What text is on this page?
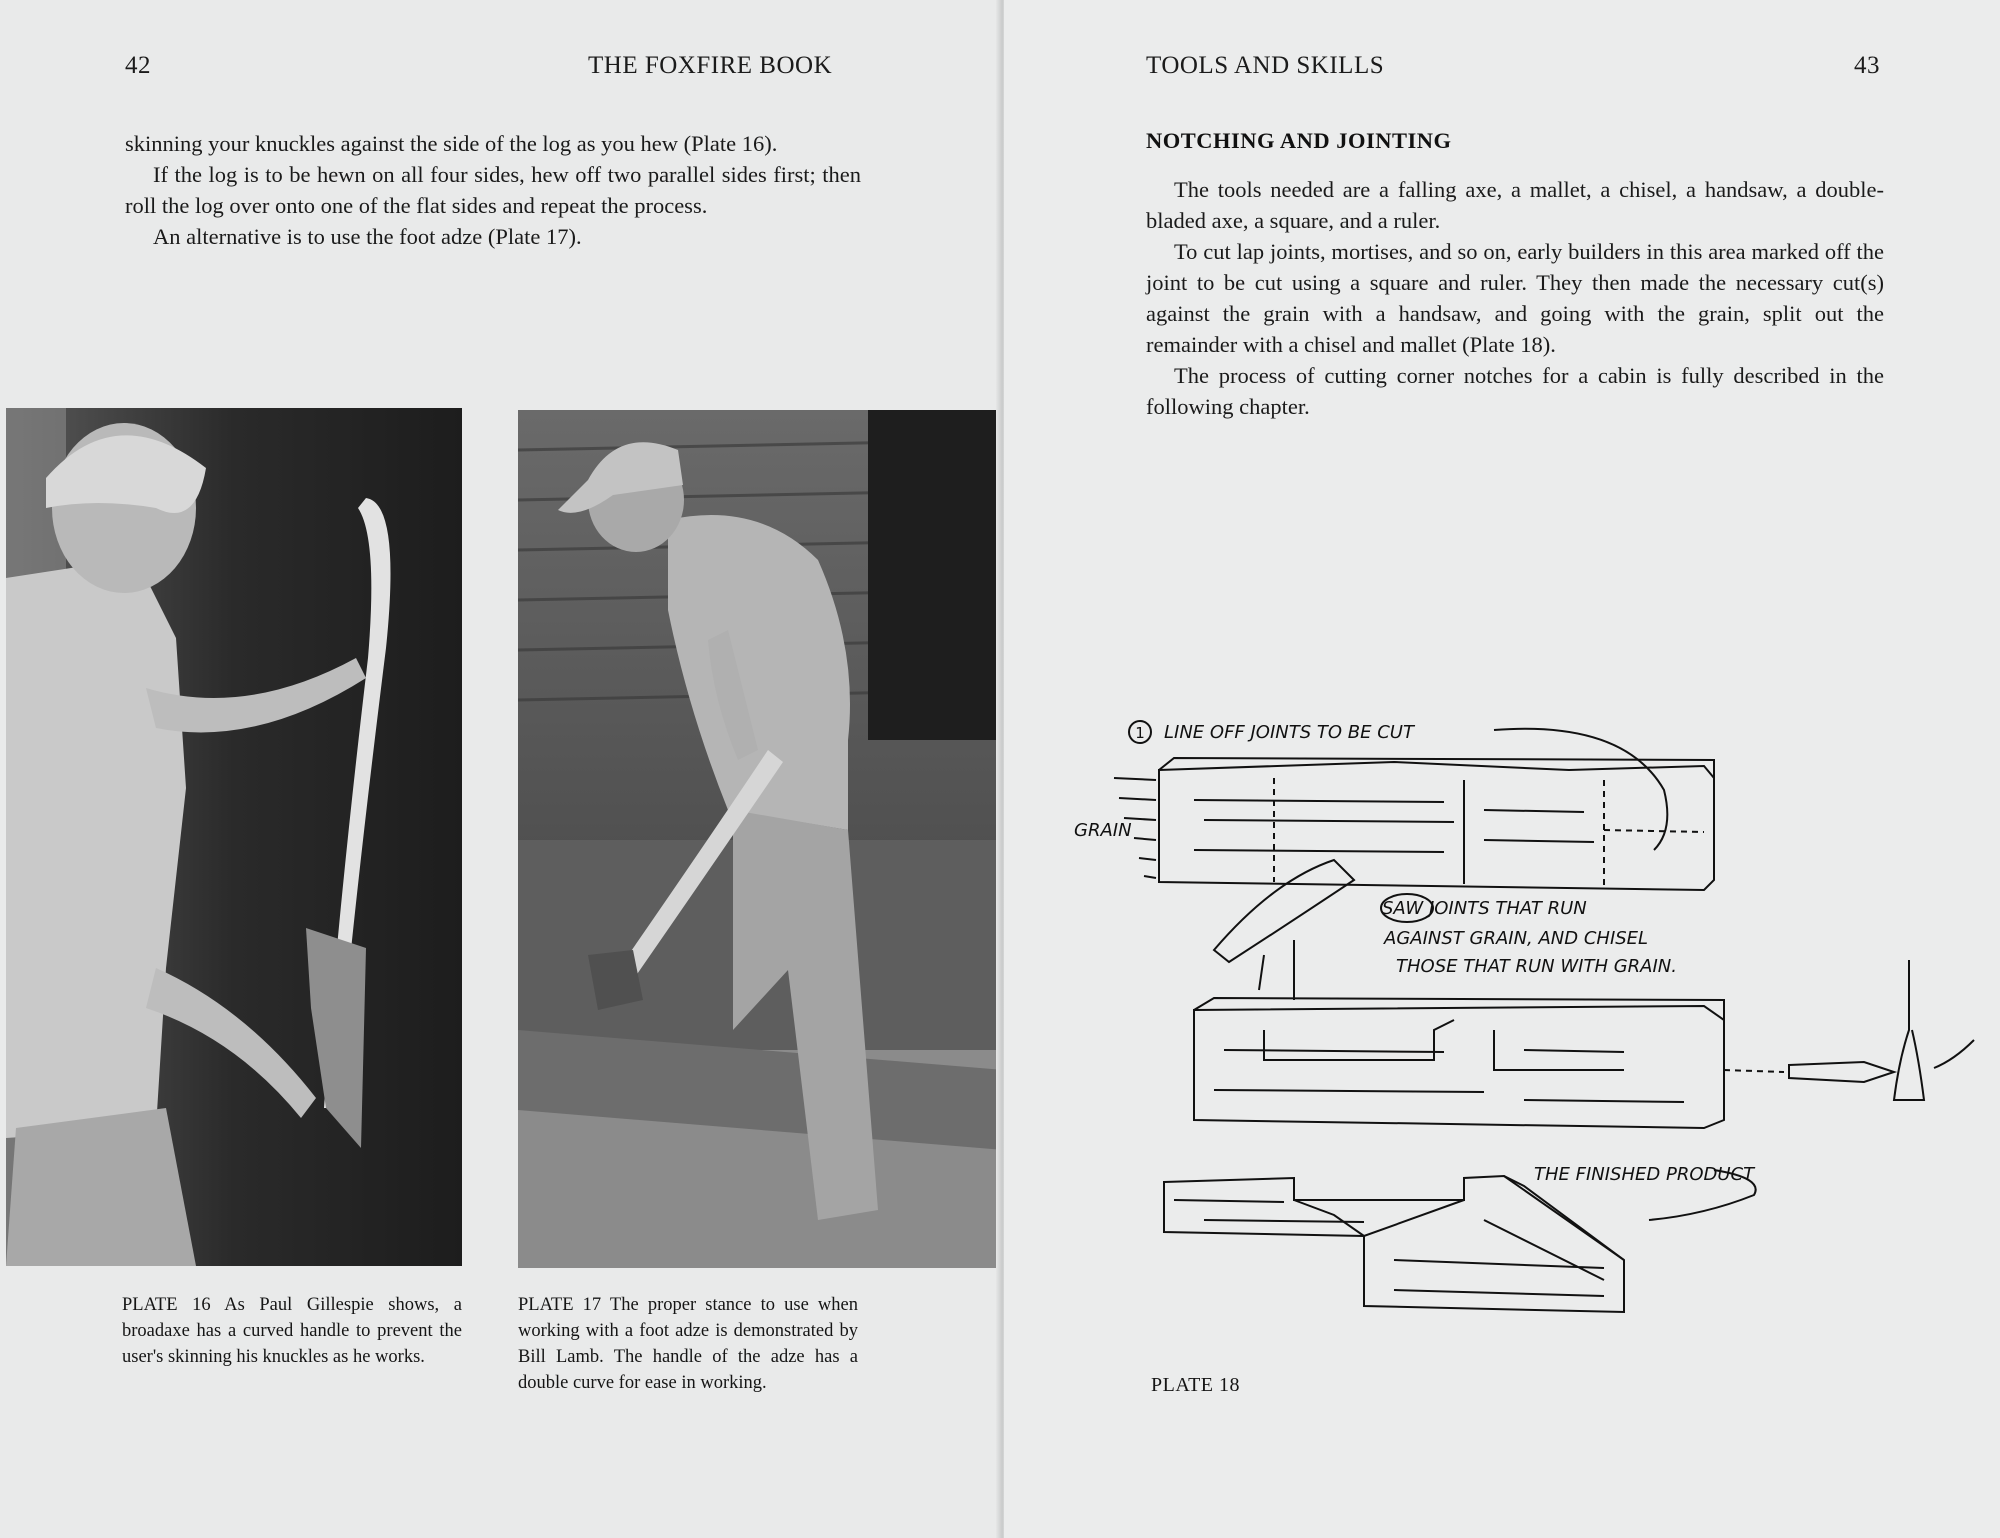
42	THE FOXFIRE BOOK

skinning your knuckles against the side of the log as you hew (Plate 16).

If the log is to be hewn on all four sides, hew off two parallel sides first; then roll the log over onto one of the flat sides and repeat the process.

An alternative is to use the foot adze (Plate 17).

PLATE 16 As Paul Gillespie shows, a broadaxe has a curved handle to prevent the user's skinning his knuckles as he works.
PLATE 17 The proper stance to use when working with a foot adze is demonstrated by Bill Lamb. The handle of the adze has a double curve for ease in working.
TOOLS AND SKILLS	43
NOTCHING AND JOINTING

The tools needed are a falling axe, a mallet, a chisel, a handsaw, a double-bladed axe, a square, and a ruler.

To cut lap joints, mortises, and so on, early builders in this area marked off the joint to be cut using a square and ruler. They then made the necessary cut(s) against the grain with a handsaw, and going with the grain, split out the remainder with a chisel and mallet (Plate 18).

The process of cutting corner notches for a cabin is fully described in the following chapter.

1 LINE OFF JOINTS TO BE CUT
GRAIN
SAW JOINTS THAT RUN
AGAINST GRAIN, AND CHISEL
THOSE THAT RUN WITH GRAIN.
THE FINISHED PRODUCT
PLATE 18
